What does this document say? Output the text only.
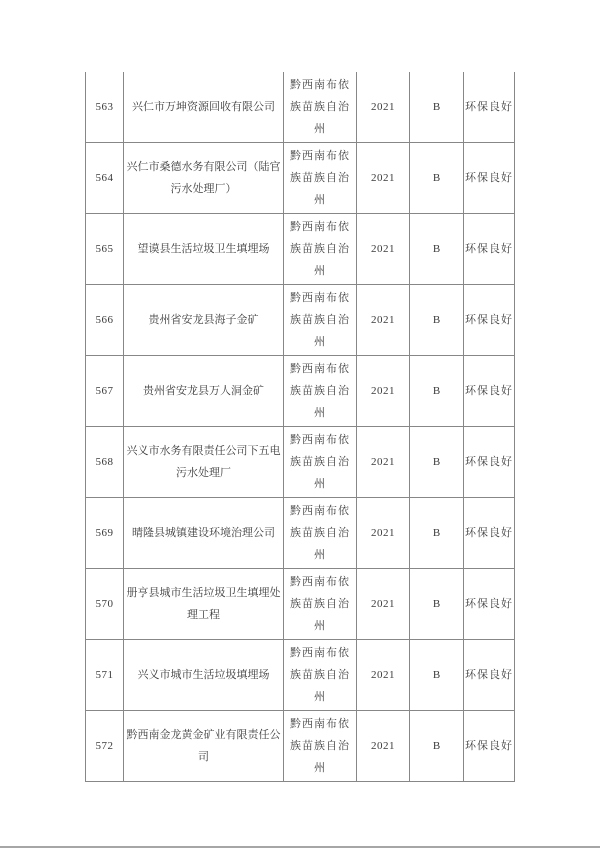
563	兴仁市万坤资源回收有限公司	黔西南布依族苗族自治州	2021	B	环保良好
564	兴仁市桑德水务有限公司（陆官污水处理厂）	黔西南布依族苗族自治州	2021	B	环保良好
565	望谟县生活垃圾卫生填埋场	黔西南布依族苗族自治州	2021	B	环保良好
566	贵州省安龙县海子金矿	黔西南布依族苗族自治州	2021	B	环保良好
567	贵州省安龙县万人洞金矿	黔西南布依族苗族自治州	2021	B	环保良好
568	兴义市水务有限责任公司下五电污水处理厂	黔西南布依族苗族自治州	2021	B	环保良好
569	晴隆县城镇建设环境治理公司	黔西南布依族苗族自治州	2021	B	环保良好
570	册亨县城市生活垃圾卫生填埋处理工程	黔西南布依族苗族自治州	2021	B	环保良好
571	兴义市城市生活垃圾填埋场	黔西南布依族苗族自治州	2021	B	环保良好
572	黔西南金龙黄金矿业有限责任公司	黔西南布依族苗族自治州	2021	B	环保良好
